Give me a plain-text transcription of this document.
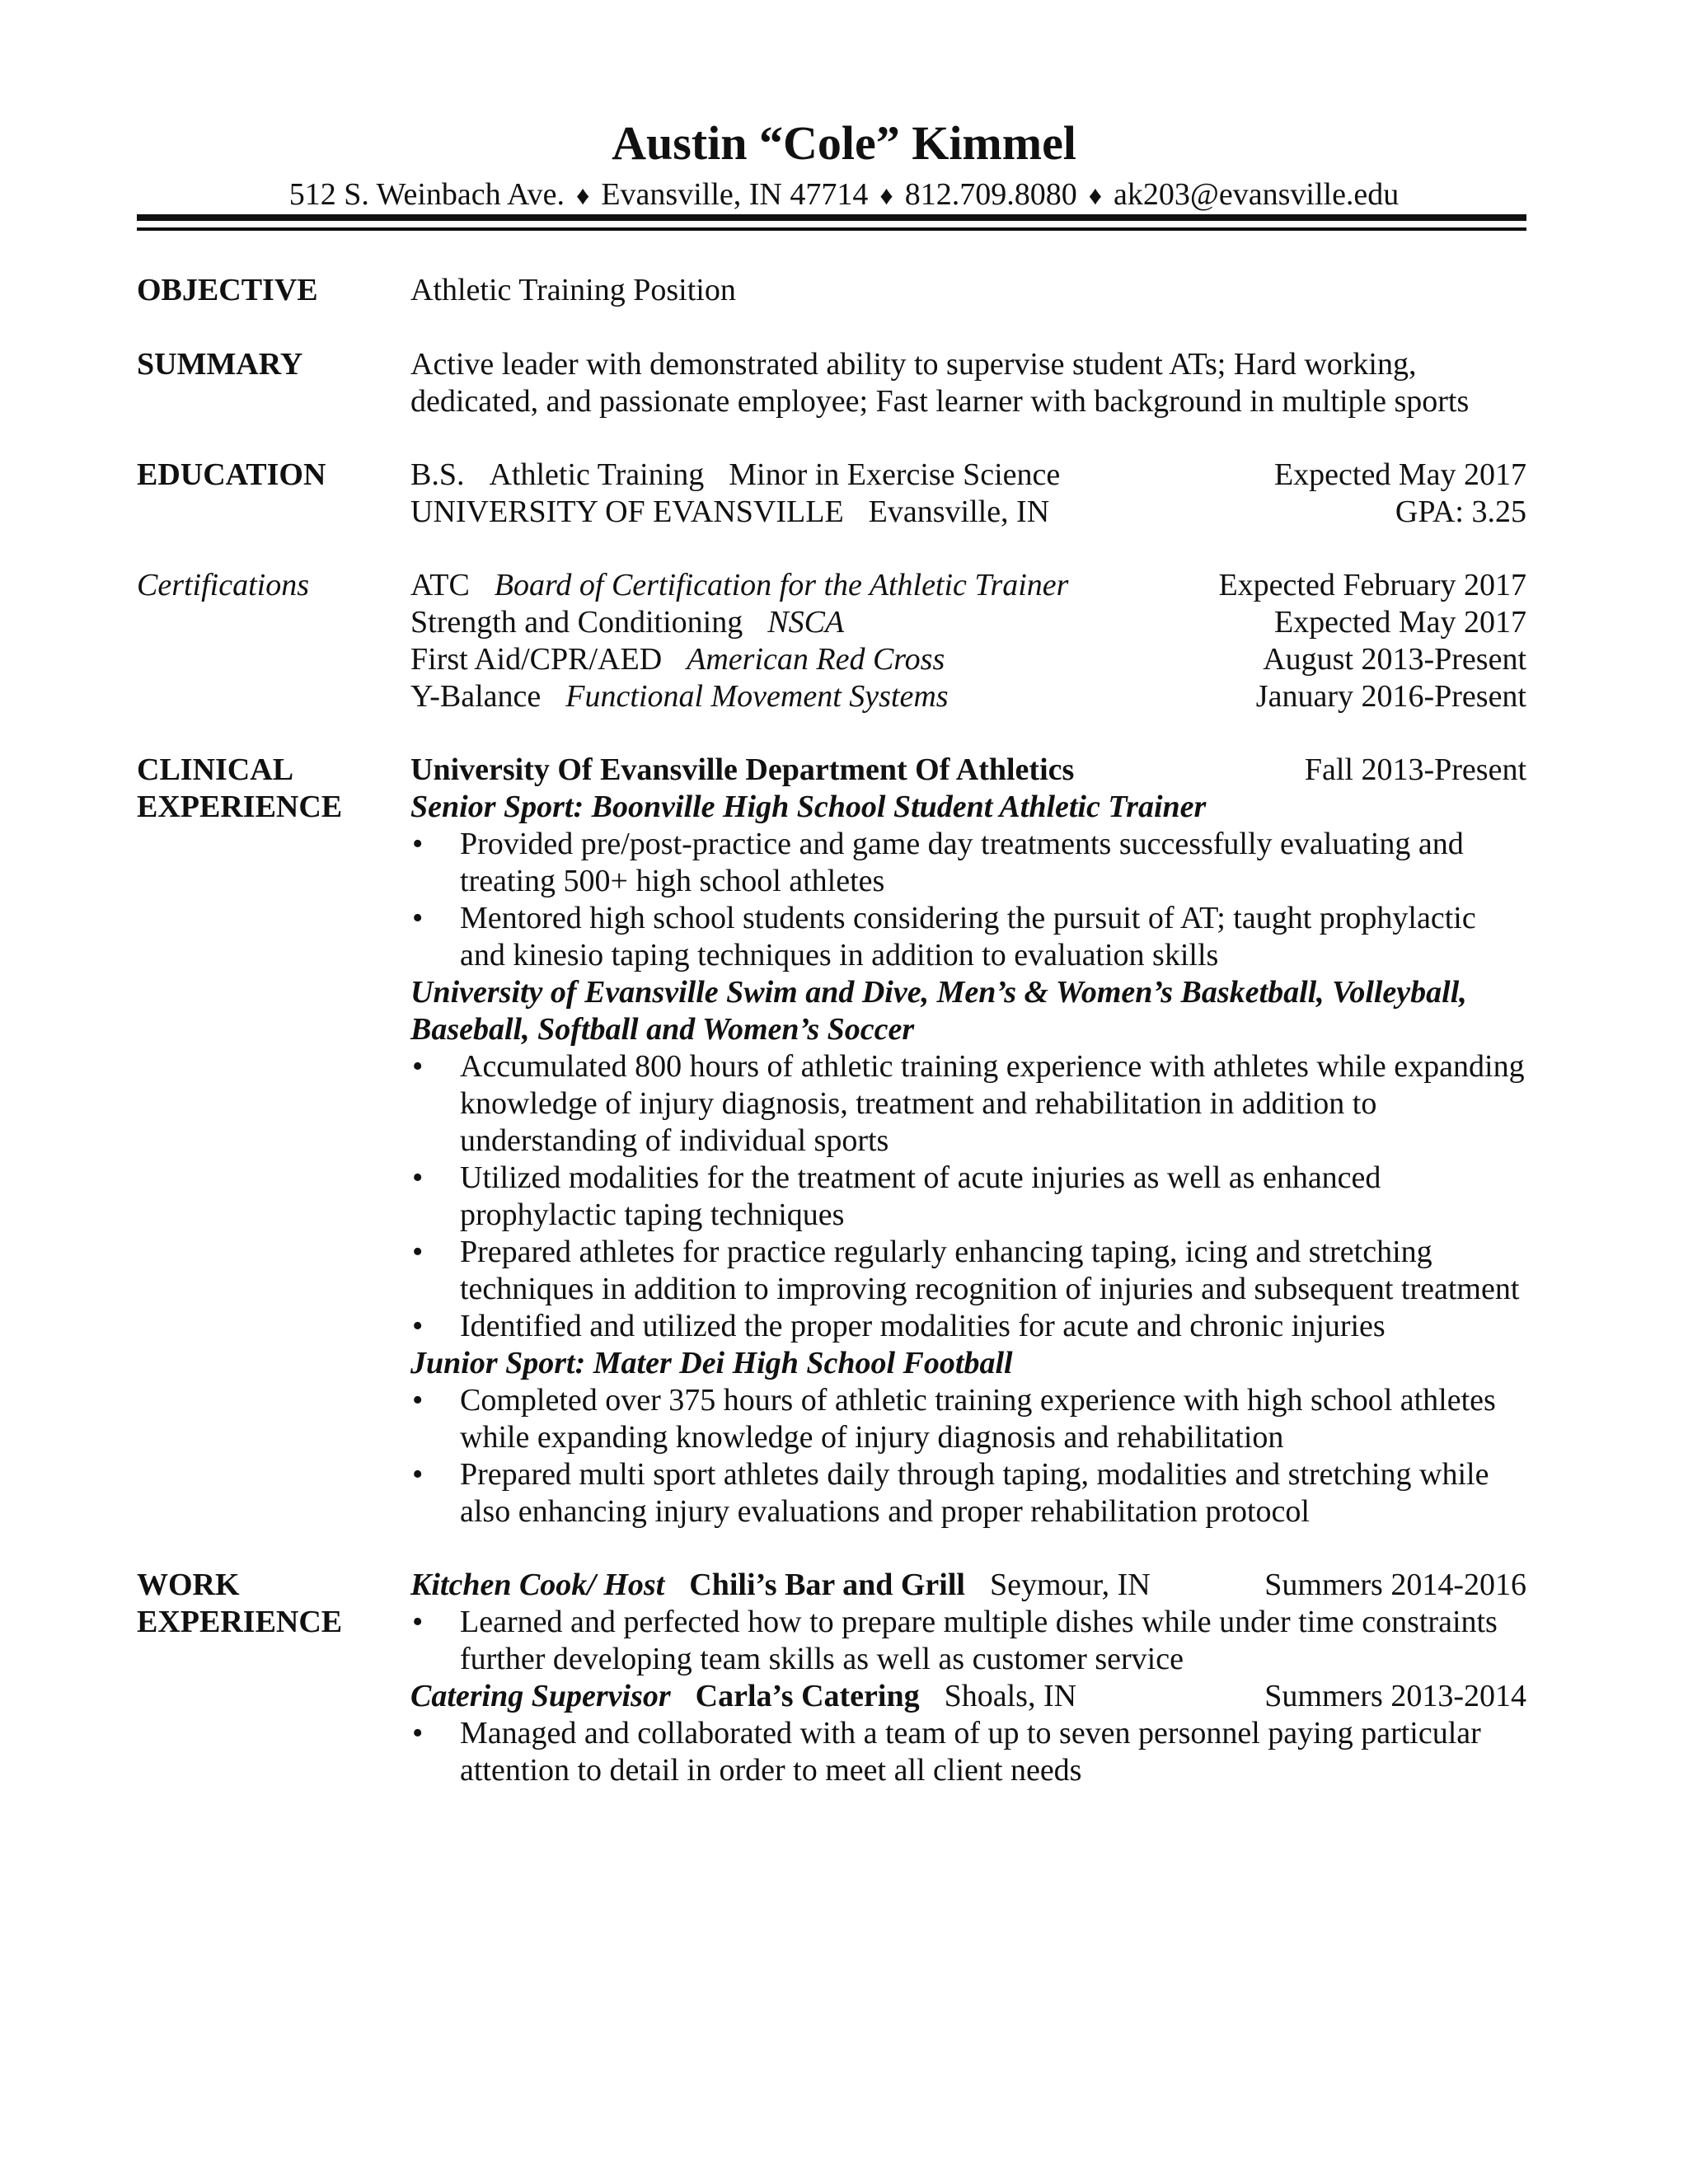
Austin “Cole” Kimmel
512 S. Weinbach Ave. ♦ Evansville, IN 47714 ♦ 812.709.8080 ♦ ak203@evansville.edu
OBJECTIVE	Athletic Training Position
SUMMARY	Active leader with demonstrated ability to supervise student ATs; Hard working,
dedicated, and passionate employee; Fast learner with background in multiple sports
EDUCATION	B.S. Athletic Training Minor in Exercise Science	Expected May 2017
UNIVERSITY OF EVANSVILLE Evansville, IN	GPA: 3.25
Certifications	ATC Board of Certification for the Athletic Trainer	Expected February 2017
Strength and Conditioning NSCA	Expected May 2017
First Aid/CPR/AED American Red Cross	August 2013-Present
Y-Balance Functional Movement Systems	January 2016-Present
CLINICAL
EXPERIENCE
University Of Evansville Department Of Athletics	Fall 2013-Present
Senior Sport: Boonville High School Student Athletic Trainer
• Provided pre/post-practice and game day treatments successfully evaluating and treating 500+ high school athletes
• Mentored high school students considering the pursuit of AT; taught prophylactic and kinesio taping techniques in addition to evaluation skills
University of Evansville Swim and Dive, Men’s & Women’s Basketball, Volleyball,
Baseball, Softball and Women’s Soccer
• Accumulated 800 hours of athletic training experience with athletes while expanding knowledge of injury diagnosis, treatment and rehabilitation in addition to understanding of individual sports
• Utilized modalities for the treatment of acute injuries as well as enhanced prophylactic taping techniques
• Prepared athletes for practice regularly enhancing taping, icing and stretching techniques in addition to improving recognition of injuries and subsequent treatment
• Identified and utilized the proper modalities for acute and chronic injuries
Junior Sport: Mater Dei High School Football
• Completed over 375 hours of athletic training experience with high school athletes while expanding knowledge of injury diagnosis and rehabilitation
• Prepared multi sport athletes daily through taping, modalities and stretching while also enhancing injury evaluations and proper rehabilitation protocol
WORK
EXPERIENCE
Kitchen Cook/ Host Chili’s Bar and Grill Seymour, IN	Summers 2014-2016
• Learned and perfected how to prepare multiple dishes while under time constraints further developing team skills as well as customer service
Catering Supervisor Carla’s Catering Shoals, IN	Summers 2013-2014
• Managed and collaborated with a team of up to seven personnel paying particular attention to detail in order to meet all client needs
